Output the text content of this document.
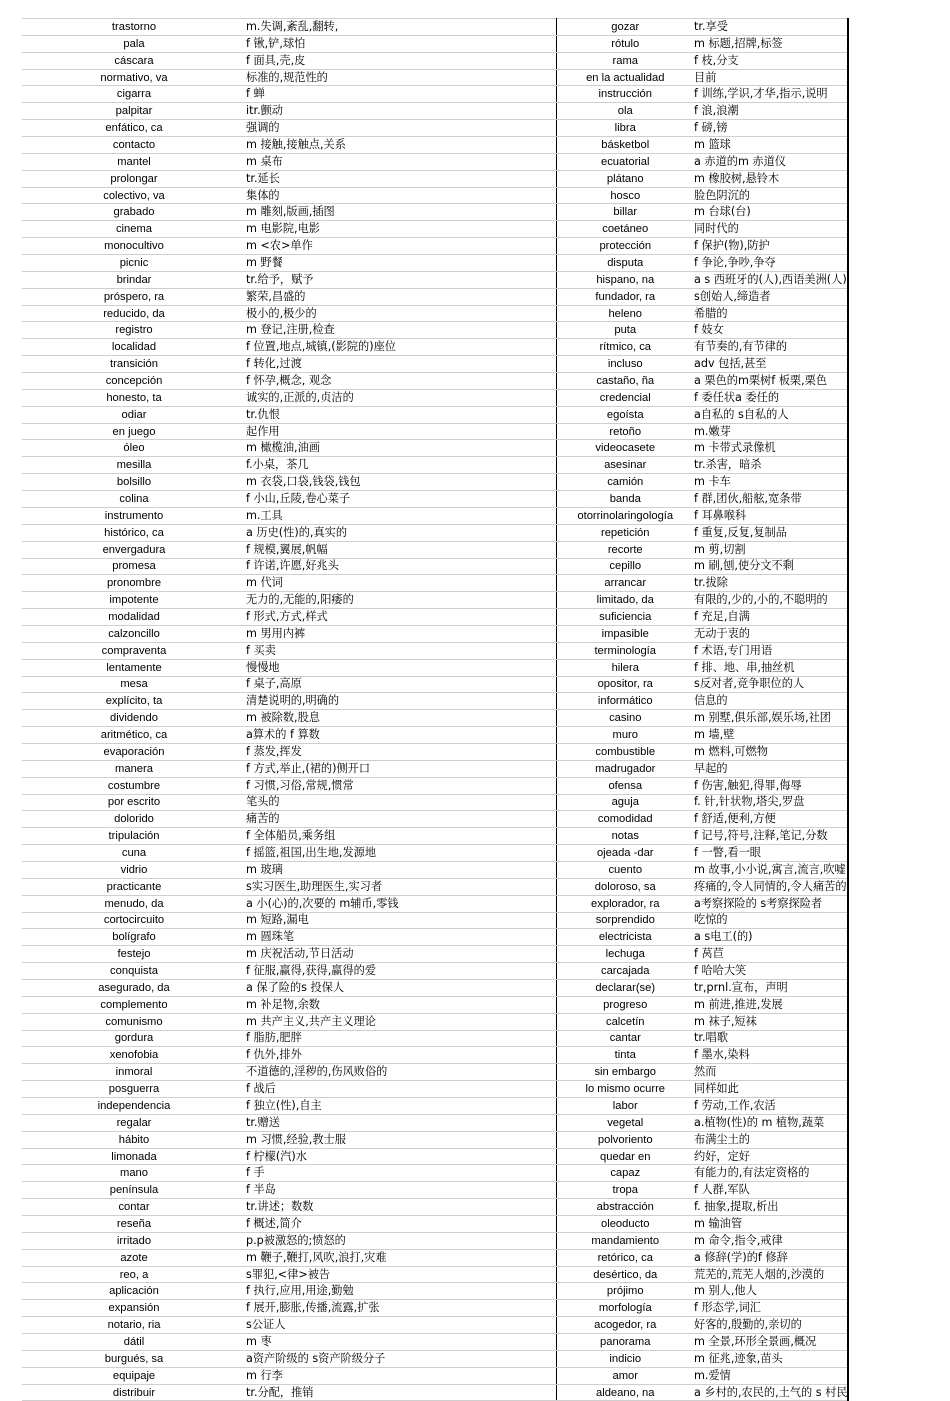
trastorno	m.失调,紊乱,翻转,	gozar	tr.享受
pala	f 锹,铲,球怕	rótulo	m 标题,招牌,标签
cáscara	f 面具,壳,皮	rama	f 枝,分支
normativo, va	标准的,规范性的	en la actualidad	目前
cigarra	f 蝉	instrucción	f 训练,学识,才华,指示,说明
palpitar	itr.颤动	ola	f 浪,浪潮
enfático, ca	强调的	libra	f 磅,镑
contacto	m 接触,接触点,关系	básketbol	m 篮球
mantel	m 桌布	ecuatorial	a 赤道的m 赤道仪
prolongar	tr.延长	plátano	m 橡胶树,悬铃木
colectivo, va	集体的	hosco	脸色阴沉的
grabado	m 雕刻,版画,插图	billar	m 台球(台)
cinema	m 电影院,电影	coetáneo	同时代的
monocultivo	m <农>单作	protección	f 保护(物),防护
picnic	m 野餐	disputa	f 争论,争吵,争夺
brindar	tr.给予，赋予	hispano, na	a s 西班牙的(人),西语美洲(人)
próspero, ra	繁荣,昌盛的	fundador, ra	s创始人,缔造者
reducido, da	极小的,极少的	heleno	希腊的
registro	m 登记,注册,检查	puta	f 妓女
localidad	f 位置,地点,城镇,(影院的)座位	rítmico, ca	有节奏的,有节律的
transición	f 转化,过渡	incluso	adv 包括,甚至
concepción	f 怀孕,概念, 观念	castaño, ña	a 栗色的m栗树f 板栗,栗色
honesto, ta	诚实的,正派的,贞洁的	credencial	f 委任状a 委任的
odiar	tr.仇恨	egoísta	a自私的 s自私的人
en juego	起作用	retoño	m.嫩芽
óleo	m 橄榄油,油画	videocasete	m 卡带式录像机
mesilla	f.小桌，茶几	asesinar	tr.杀害，暗杀
bolsillo	m 衣袋,口袋,钱袋,钱包	camión	m 卡车
colina	f 小山,丘陵,卷心菜子	banda	f 群,团伙,船舷,宽条带
instrumento	m.工具	otorrinolaringología	f 耳鼻喉科
histórico, ca	a 历史(性)的,真实的	repetición	f 重复,反复,复制品
envergadura	f 规模,翼展,帆幅	recorte	m 剪,切割
promesa	f 许诺,许愿,好兆头	cepillo	m 刷,刨,使分文不剩
pronombre	m 代词	arrancar	tr.拔除
impotente	无力的,无能的,阳痿的	limitado, da	有限的,少的,小的,不聪明的
modalidad	f 形式,方式,样式	suficiencia	f 充足,自满
calzoncillo	m 男用内裤	impasible	无动于衷的
compraventa	f 买卖	terminología	f 术语,专门用语
lentamente	慢慢地	hilera	f 排、地、串,抽丝机
mesa	f 桌子,高原	opositor, ra	s反对者,竞争职位的人
explícito, ta	清楚说明的,明确的	informático	信息的
dividendo	m 被除数,股息	casino	m 别墅,俱乐部,娱乐场,社团
aritmético, ca	a算术的 f 算数	muro	m 墙,壁
evaporación	f 蒸发,挥发	combustible	m 燃料,可燃物
manera	f 方式,举止,(裙的)侧开口	madrugador	早起的
costumbre	f 习惯,习俗,常规,惯常	ofensa	f 伤害,触犯,得罪,侮辱
por escrito	笔头的	aguja	f. 针,针状物,塔尖,罗盘
dolorido	痛苦的	comodidad	f 舒适,便利,方便
tripulación	f 全体船员,乘务组	notas	f 记号,符号,注释,笔记,分数
cuna	f 摇篮,祖国,出生地,发源地	ojeada -dar	f 一瞥,看一眼
vidrio	m 玻璃	cuento	m 故事,小小说,寓言,流言,吹嘘
practicante	s实习医生,助理医生,实习者	doloroso, sa	疼痛的,令人同情的,令人痛苦的
menudo, da	a 小(心)的,次要的 m辅币,零钱	explorador, ra	a考察探险的 s考察探险者
cortocircuito	m 短路,漏电	sorprendido	吃惊的
bolígrafo	m 圆珠笔	electricista	a s电工(的)
festejo	m 庆祝活动,节日活动	lechuga	f 莴苣
conquista	f 征服,赢得,获得,赢得的爱	carcajada	f 哈哈大笑
asegurado, da	a 保了险的s 投保人	declarar(se)	tr,prnl.宣布，声明
complemento	m 补足物,余数	progreso	m 前进,推进,发展
comunismo	m 共产主义,共产主义理论	calcetín	m 袜子,短袜
gordura	f 脂肪,肥胖	cantar	tr.唱歌
xenofobia	f 仇外,排外	tinta	f 墨水,染料
inmoral	不道德的,淫秽的,伤风败俗的	sin embargo	然而
posguerra	f 战后	lo mismo ocurre	同样如此
independencia	f 独立(性),自主	labor	f 劳动,工作,农活
regalar	tr.赠送	vegetal	a.植物(性)的 m 植物,蔬菜
hábito	m 习惯,经验,教士服	polvoriento	布满尘土的
limonada	f 柠檬(汽)水	quedar en	约好，定好
mano	f 手	capaz	有能力的,有法定资格的
península	f 半岛	tropa	f 人群,军队
contar	tr.讲述；数数	abstracción	f. 抽象,提取,析出
reseña	f 概述,简介	oleoducto	m 输油管
irritado	p.p被激怒的;愤怒的	mandamiento	m 命令,指令,戒律
azote	m 鞭子,鞭打,风吹,浪打,灾难	retórico, ca	a 修辞(学)的f 修辞
reo, a	s罪犯,<律>被告	desértico, da	荒芜的,荒芜人烟的,沙漠的
aplicación	f 执行,应用,用途,勤勉	prójimo	m 别人,他人
expansión	f 展开,膨胀,传播,流露,扩张	morfología	f 形态学,词汇
notario, ria	s公证人	acogedor, ra	好客的,殷勤的,亲切的
dátil	m 枣	panorama	m 全景,环形全景画,概况
burgués, sa	a资产阶级的 s资产阶级分子	indicio	m 征兆,迹象,苗头
equipaje	m 行李	amor	m.爱情
distribuir	tr.分配，推销	aldeano, na	a 乡村的,农民的,土气的 s 村民
